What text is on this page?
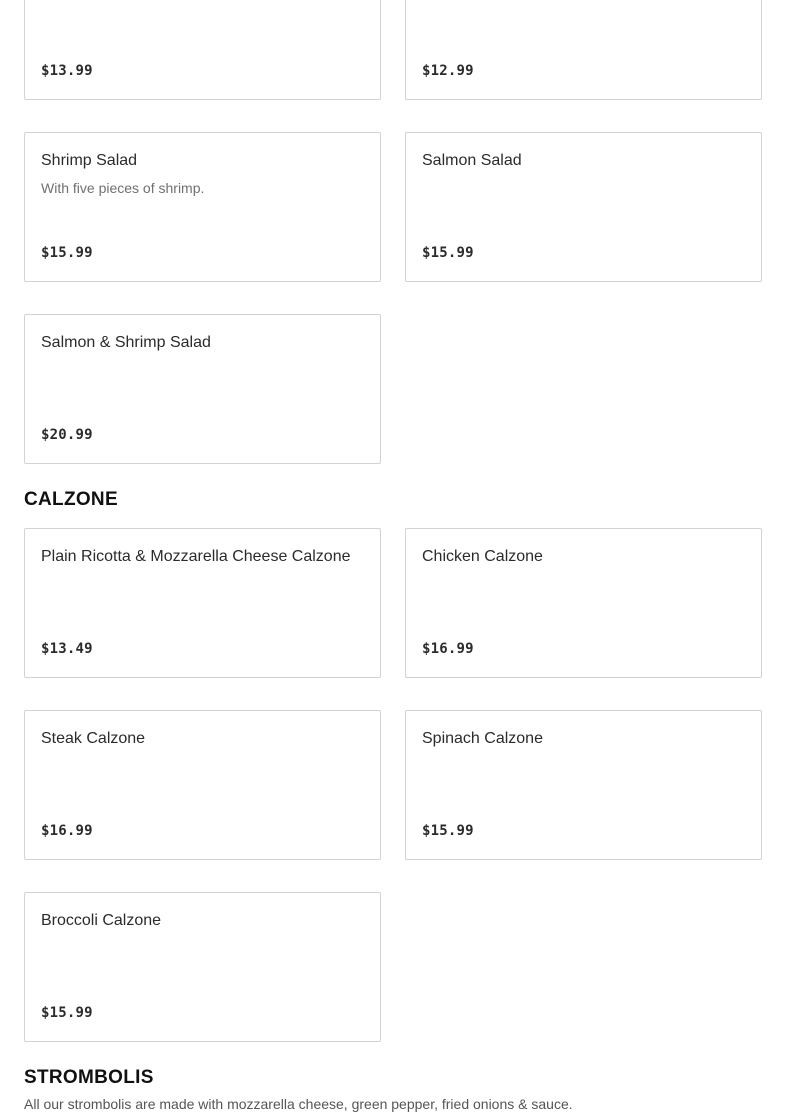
$13.99	$12.99
Shrimp Salad
With five pieces of shrimp.
$15.99
Salmon Salad
$15.99
Salmon & Shrimp Salad
$20.99
CALZONE
Plain Ricotta & Mozzarella Cheese Calzone
$13.49
Chicken Calzone
$16.99
Steak Calzone
$16.99
Spinach Calzone
$15.99
Broccoli Calzone
$15.99
STROMBOLIS
All our strombolis are made with mozzarella cheese, green pepper, fried onions & sauce.
